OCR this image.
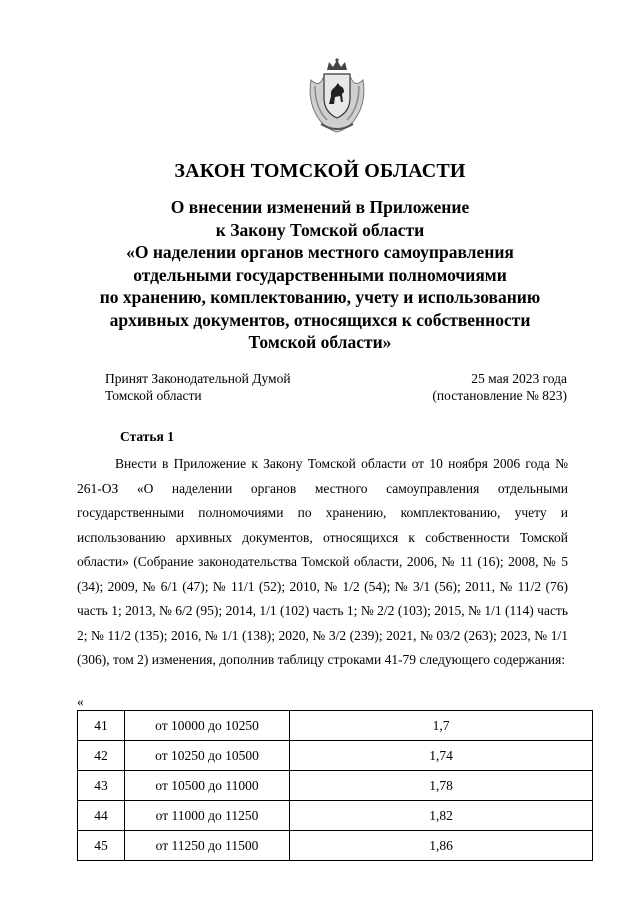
ЗАКОН ТОМСКОЙ ОБЛАСТИ
О внесении изменений в Приложение
к Закону Томской области
«О наделении органов местного самоуправления
отдельными государственными полномочиями
по хранению, комплектованию, учету и использованию
архивных документов, относящихся к собственности
Томской области»
Принят Законодательной Думой
Томской области
25 мая 2023 года
(постановление № 823)
Статья 1

Внести в Приложение к Закону Томской области от 10 ноября 2006 года № 261-ОЗ «О наделении органов местного самоуправления отдельными государственными полномочиями по хранению, комплектованию, учету и использованию архивных документов, относящихся к собственности Томской области» (Собрание законодательства Томской области, 2006, № 11 (16); 2008, № 5 (34); 2009, № 6/1 (47); № 11/1 (52); 2010, № 1/2 (54); № 3/1 (56); 2011, № 11/2 (76) часть 1; 2013, № 6/2 (95); 2014, 1/1 (102) часть 1; № 2/2 (103); 2015, № 1/1 (114) часть 2; № 11/2 (135); 2016, № 1/1 (138); 2020, № 3/2 (239); 2021, № 03/2 (263); 2023, № 1/1 (306), том 2) изменения, дополнив таблицу строками 41-79 следующего содержания:

«
41	от 10000 до 10250	1,7
42	от 10250 до 10500	1,74
43	от 10500 до 11000	1,78
44	от 11000 до 11250	1,82
45	от 11250 до 11500	1,86
